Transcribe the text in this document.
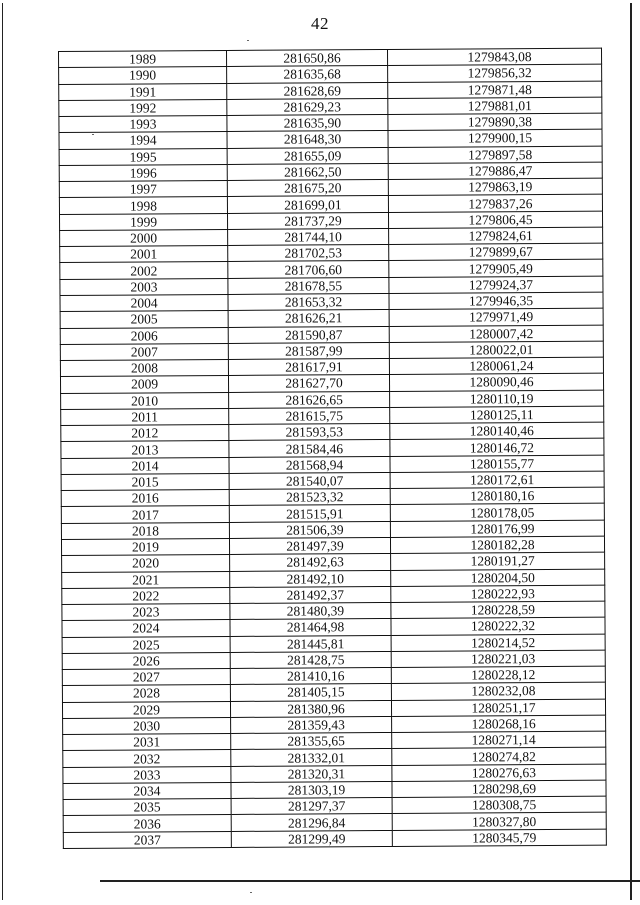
42
1989	281650,86	1279843,08
1990	281635,68	1279856,32
1991	281628,69	1279871,48
1992	281629,23	1279881,01
1993	281635,90	1279890,38
1994	281648,30	1279900,15
1995	281655,09	1279897,58
1996	281662,50	1279886,47
1997	281675,20	1279863,19
1998	281699,01	1279837,26
1999	281737,29	1279806,45
2000	281744,10	1279824,61
2001	281702,53	1279899,67
2002	281706,60	1279905,49
2003	281678,55	1279924,37
2004	281653,32	1279946,35
2005	281626,21	1279971,49
2006	281590,87	1280007,42
2007	281587,99	1280022,01
2008	281617,91	1280061,24
2009	281627,70	1280090,46
2010	281626,65	1280110,19
2011	281615,75	1280125,11
2012	281593,53	1280140,46
2013	281584,46	1280146,72
2014	281568,94	1280155,77
2015	281540,07	1280172,61
2016	281523,32	1280180,16
2017	281515,91	1280178,05
2018	281506,39	1280176,99
2019	281497,39	1280182,28
2020	281492,63	1280191,27
2021	281492,10	1280204,50
2022	281492,37	1280222,93
2023	281480,39	1280228,59
2024	281464,98	1280222,32
2025	281445,81	1280214,52
2026	281428,75	1280221,03
2027	281410,16	1280228,12
2028	281405,15	1280232,08
2029	281380,96	1280251,17
2030	281359,43	1280268,16
2031	281355,65	1280271,14
2032	281332,01	1280274,82
2033	281320,31	1280276,63
2034	281303,19	1280298,69
2035	281297,37	1280308,75
2036	281296,84	1280327,80
2037	281299,49	1280345,79
